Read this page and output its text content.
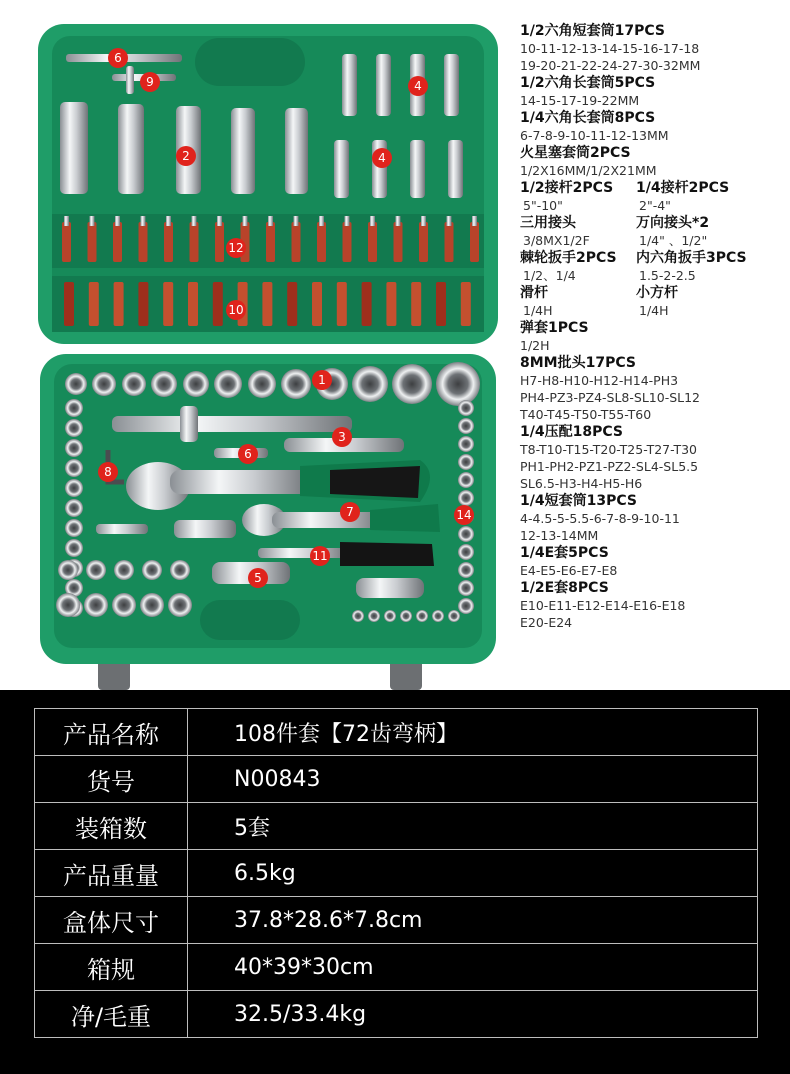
6
9	4
2	4
12
10
1
3
6
8
7	14
11
5
1/2六角短套筒17PCS
10-11-12-13-14-15-16-17-18
19-20-21-22-24-27-30-32MM
1/2六角长套筒5PCS
14-15-17-19-22MM
1/4六角长套筒8PCS
6-7-8-9-10-11-12-13MM
火星塞套筒2PCS
1/2X16MM/1/2X21MM
1/2接杆2PCS	1/4接杆2PCS
5"-10"	2"-4"
三用接头	万向接头*2
3/8MX1/2F	1/4" 、1/2"
棘轮扳手2PCS	内六角扳手3PCS
1/2、1/4	1.5-2-2.5
滑杆	小方杆
1/4H	1/4H
弹套1PCS
1/2H
8MM批头17PCS
H7-H8-H10-H12-H14-PH3
PH4-PZ3-PZ4-SL8-SL10-SL12
T40-T45-T50-T55-T60
1/4压配18PCS
T8-T10-T15-T20-T25-T27-T30
PH1-PH2-PZ1-PZ2-SL4-SL5.5
SL6.5-H3-H4-H5-H6
1/4短套筒13PCS
4-4.5-5-5.5-6-7-8-9-10-11
12-13-14MM
1/4E套5PCS
E4-E5-E6-E7-E8
1/2E套8PCS
E10-E11-E12-E14-E16-E18
E20-E24
产品名称	108件套【72齿弯柄】
货号	N00843
装箱数	5套
产品重量	6.5kg
盒体尺寸	37.8*28.6*7.8cm
箱规	40*39*30cm
净/毛重	32.5/33.4kg
